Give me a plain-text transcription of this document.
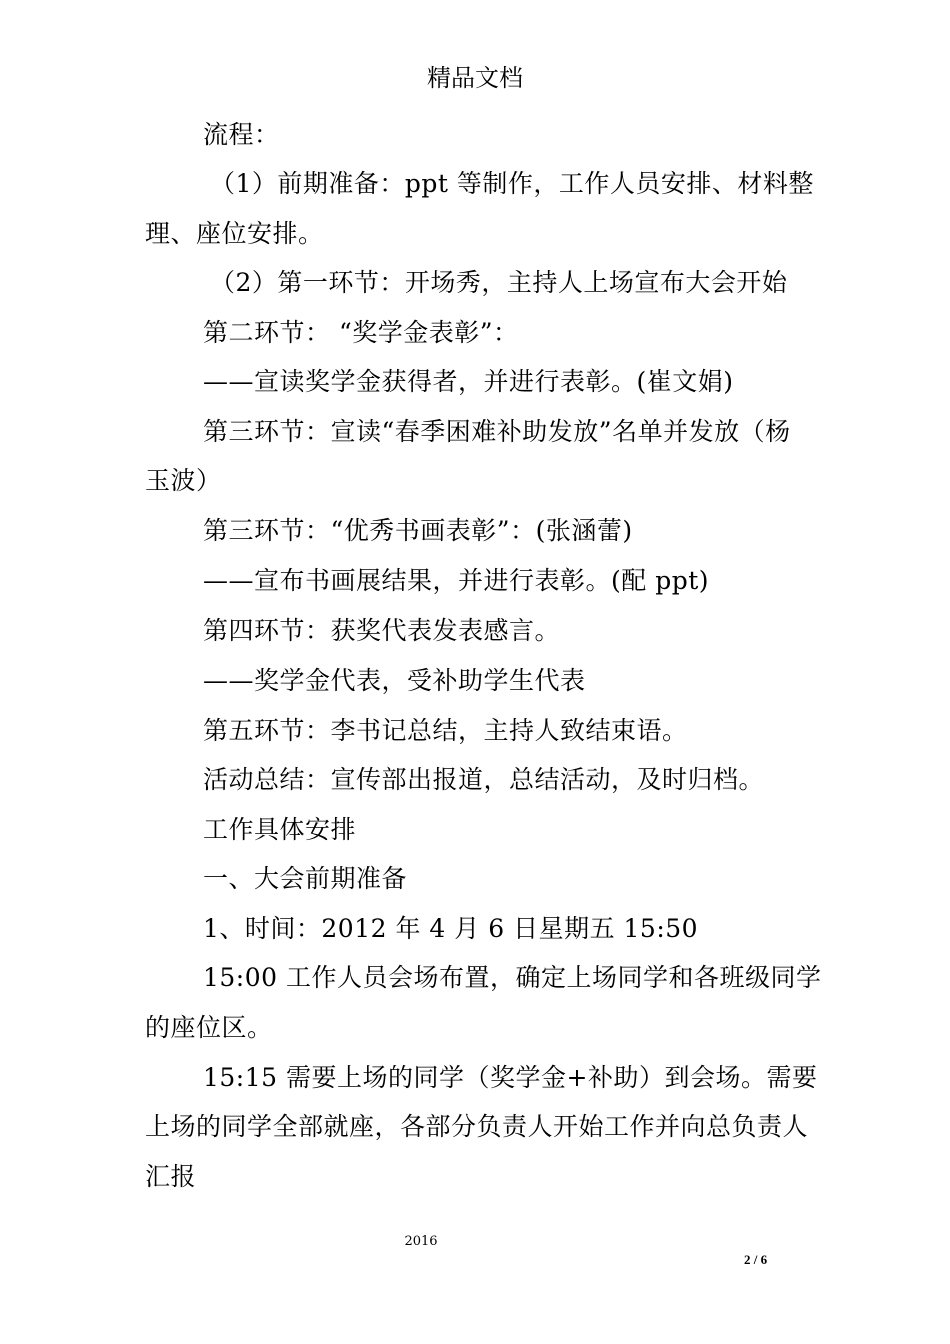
精品文档
流程：
（1）前期准备：ppt 等制作，工作人员安排、材料整
理、座位安排。
（2）第一环节：开场秀，主持人上场宣布大会开始
第二环节： “奖学金表彰”：
——宣读奖学金获得者，并进行表彰。(崔文娟)
第三环节：宣读“春季困难补助发放”名单并发放（杨
玉波）
第三环节：“优秀书画表彰”：(张涵蕾)
——宣布书画展结果，并进行表彰。(配 ppt)
第四环节：获奖代表发表感言。
——奖学金代表，受补助学生代表
第五环节：李书记总结，主持人致结束语。
活动总结：宣传部出报道，总结活动，及时归档。
工作具体安排
一、大会前期准备
1、时间：2012 年 4 月 6 日星期五 15:50
15:00 工作人员会场布置，确定上场同学和各班级同学
的座位区。
15:15 需要上场的同学（奖学金+补助）到会场。需要
上场的同学全部就座，各部分负责人开始工作并向总负责人
汇报
2016
2 / 6
